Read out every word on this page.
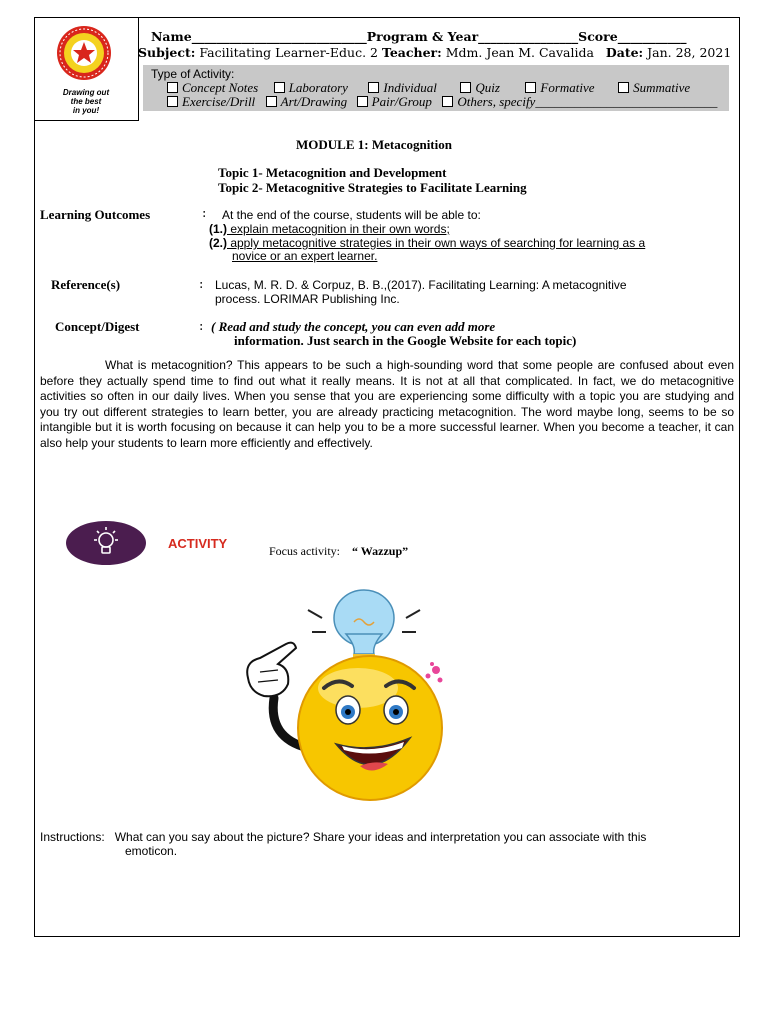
Drawing out
the best
in you!
Name____________________________Program & Year________________Score___________
Subject: Facilitating Learner-Educ. 2 Teacher: Mdm. Jean M. Cavalida Date: Jan. 28, 2021
Type of Activity:
Concept Notes Laboratory	Individual	Quiz	Formative	Summative
Exercise/Drill Art/Drawing Pair/Group Others, specify____________________________
MODULE 1: Metacognition
Topic 1- Metacognition and Development
Topic 2- Metacognitive Strategies to Facilitate Learning
Learning Outcomes	: At the end of the course, students will be able to:
(1.) explain metacognition in their own words;
(2.) apply metacognitive strategies in their own ways of searching for learning as a
novice or an expert learner.
Reference(s)	: Lucas, M. R. D. & Corpuz, B. B.,(2017). Facilitating Learning: A metacognitive
process. LORIMAR Publishing Inc.
Concept/Digest	: ( Read and study the concept, you can even add more
information. Just search in the Google Website for each topic)

What is metacognition? This appears to be such a high-sounding word that some people are confused about even before they actually spend time to find out what it really means. It is not at all that complicated. In fact, we do metacognitive activities so often in our daily lives. When you sense that you are experiencing some difficulty with a topic you are studying and you try out different strategies to learn better, you are already practicing metacognition. The word maybe long, seems to be so intangible but it is worth focusing on because it can help you to be a more successful learner. When you become a teacher, it can also help your students to learn more efficiently and effectively.

ACTIVITY	Focus activity: “ Wazzup”
Instructions: What can you say about the picture? Share your ideas and interpretation you can associate with this
emoticon.
